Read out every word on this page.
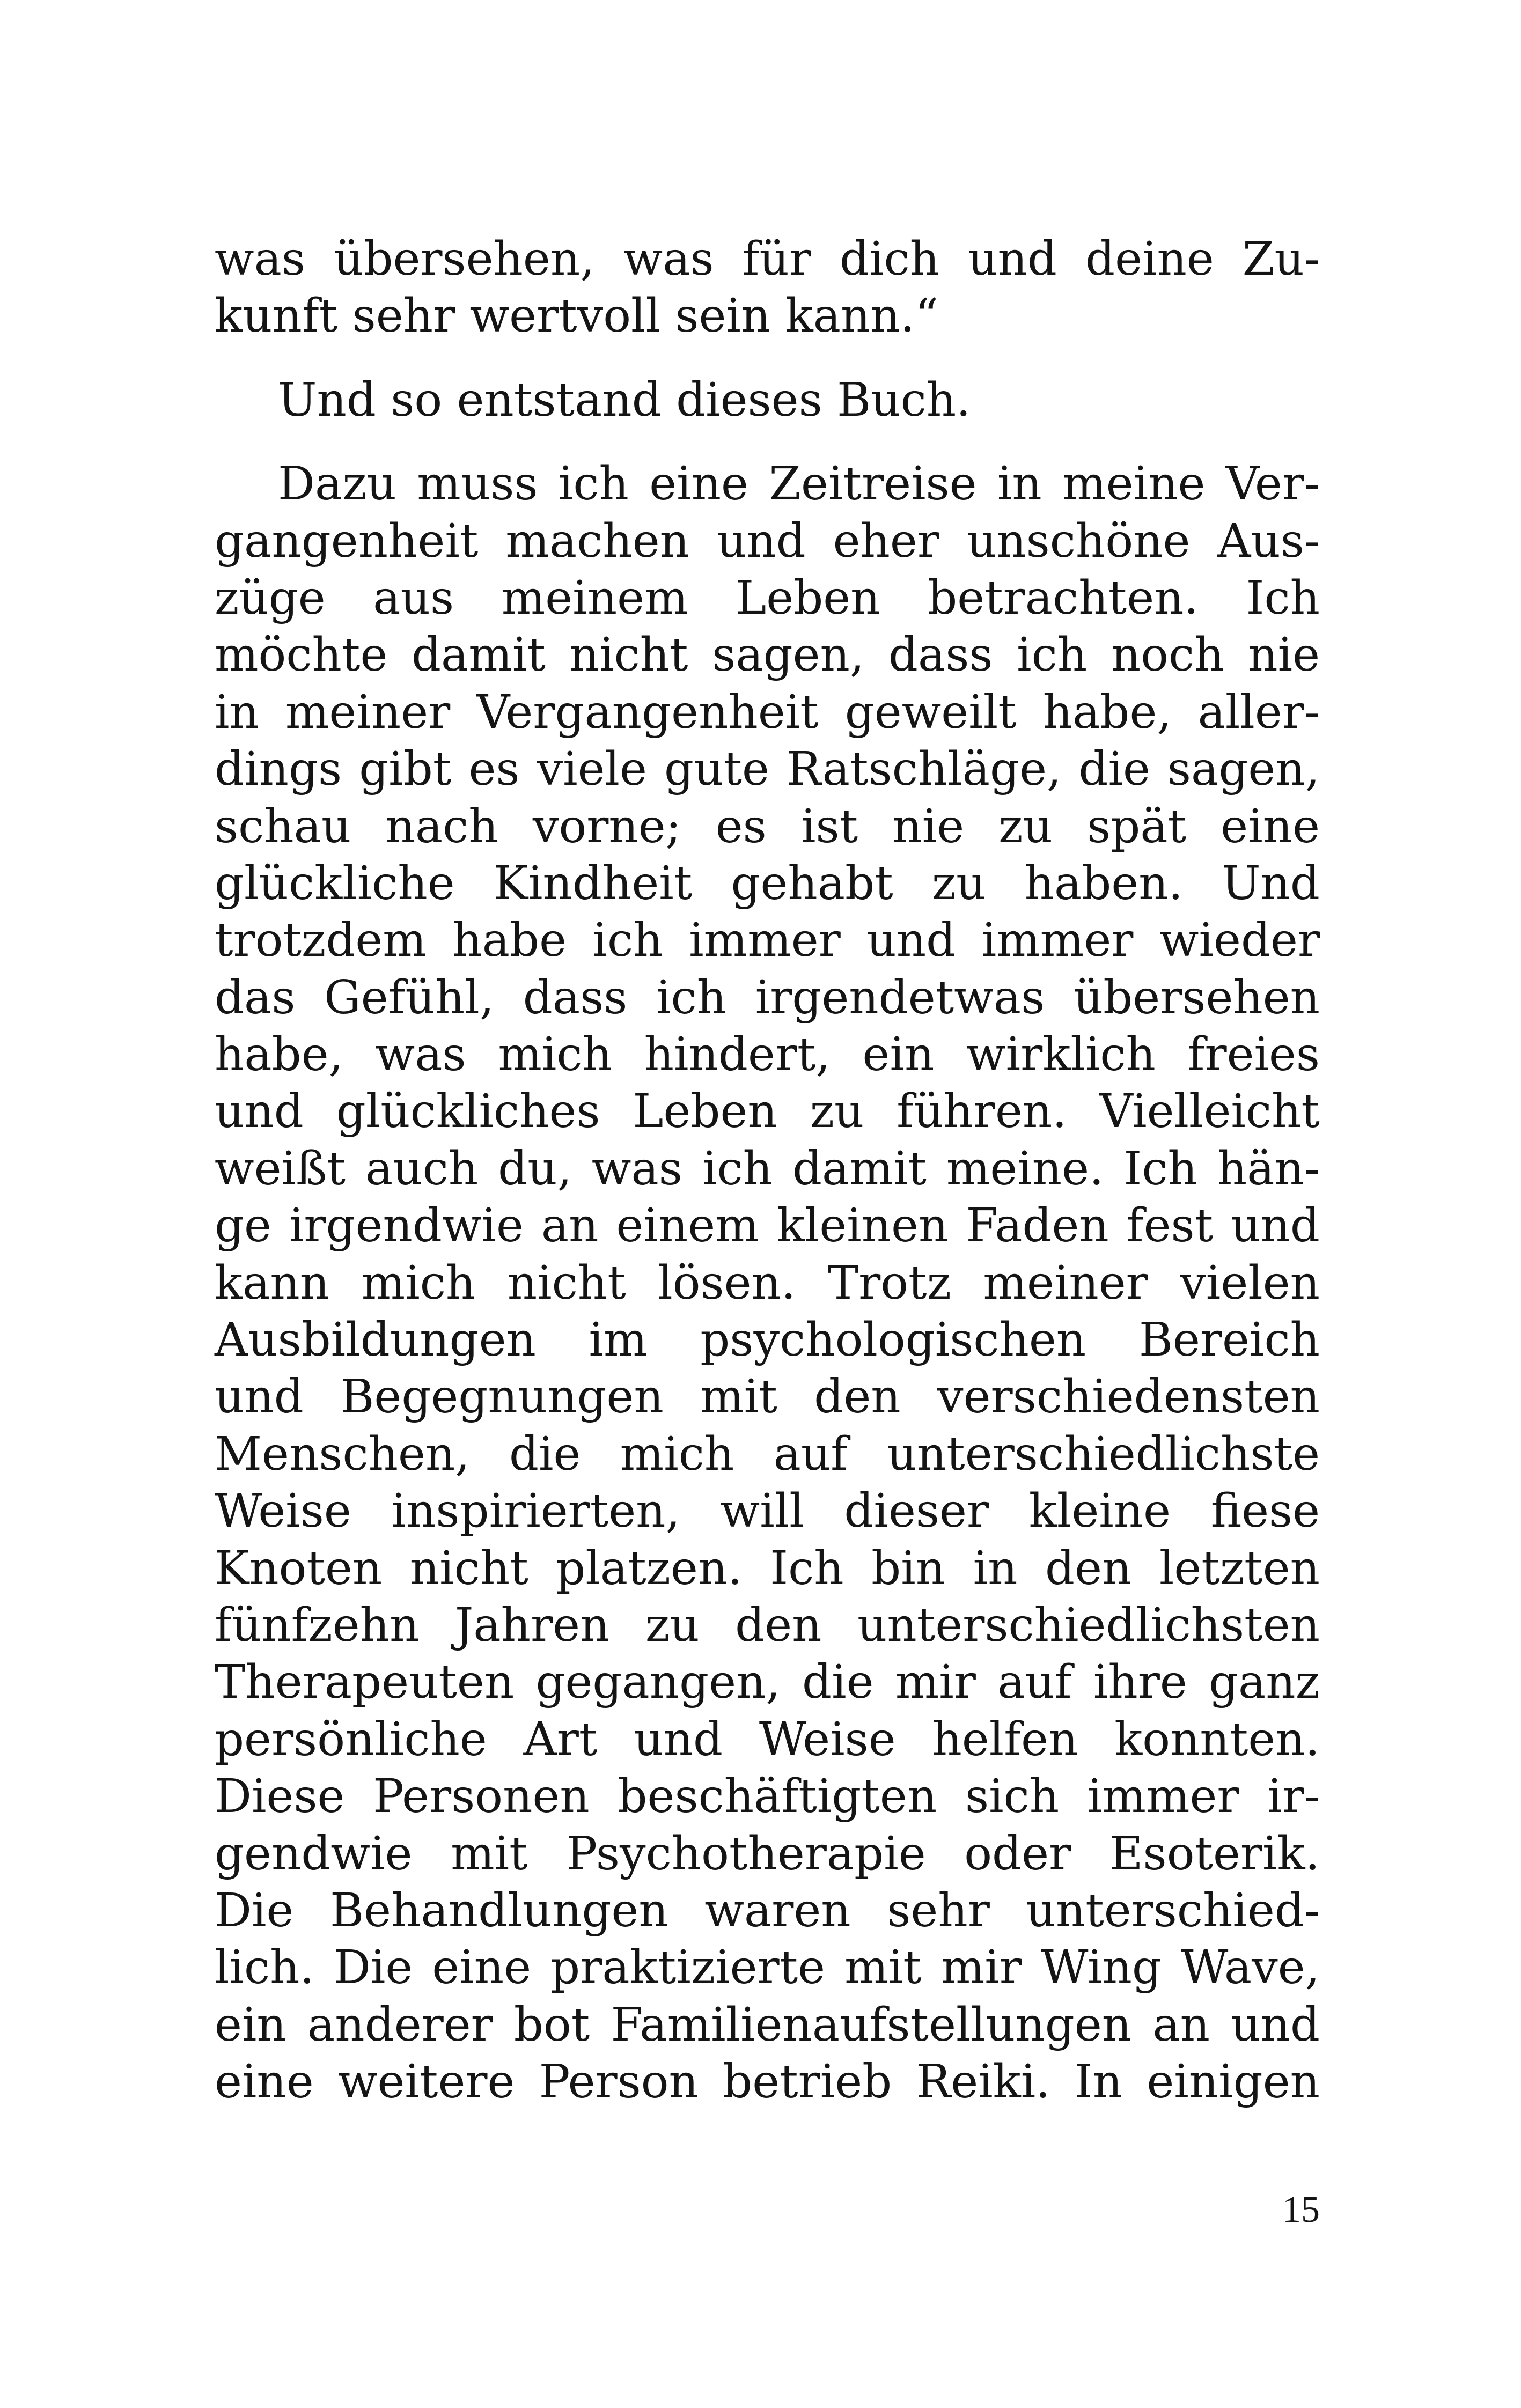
was übersehen, was für dich und deine Zu-
kunft sehr wertvoll sein kann.“
Und so entstand dieses Buch.
Dazu muss ich eine Zeitreise in meine Ver-
gangenheit machen und eher unschöne Aus-
züge aus meinem Leben betrachten. Ich
möchte damit nicht sagen, dass ich noch nie
in meiner Vergangenheit geweilt habe, aller-
dings gibt es viele gute Ratschläge, die sagen,
schau nach vorne; es ist nie zu spät eine
glückliche Kindheit gehabt zu haben. Und
trotzdem habe ich immer und immer wieder
das Gefühl, dass ich irgendetwas übersehen
habe, was mich hindert, ein wirklich freies
und glückliches Leben zu führen. Vielleicht
weißt auch du, was ich damit meine. Ich hän-
ge irgendwie an einem kleinen Faden fest und
kann mich nicht lösen. Trotz meiner vielen
Ausbildungen im psychologischen Bereich
und Begegnungen mit den verschiedensten
Menschen, die mich auf unterschiedlichste
Weise inspirierten, will dieser kleine fiese
Knoten nicht platzen. Ich bin in den letzten
fünfzehn Jahren zu den unterschiedlichsten
Therapeuten gegangen, die mir auf ihre ganz
persönliche Art und Weise helfen konnten.
Diese Personen beschäftigten sich immer ir-
gendwie mit Psychotherapie oder Esoterik.
Die Behandlungen waren sehr unterschied-
lich. Die eine praktizierte mit mir Wing Wave,
ein anderer bot Familienaufstellungen an und
eine weitere Person betrieb Reiki. In einigen
15
